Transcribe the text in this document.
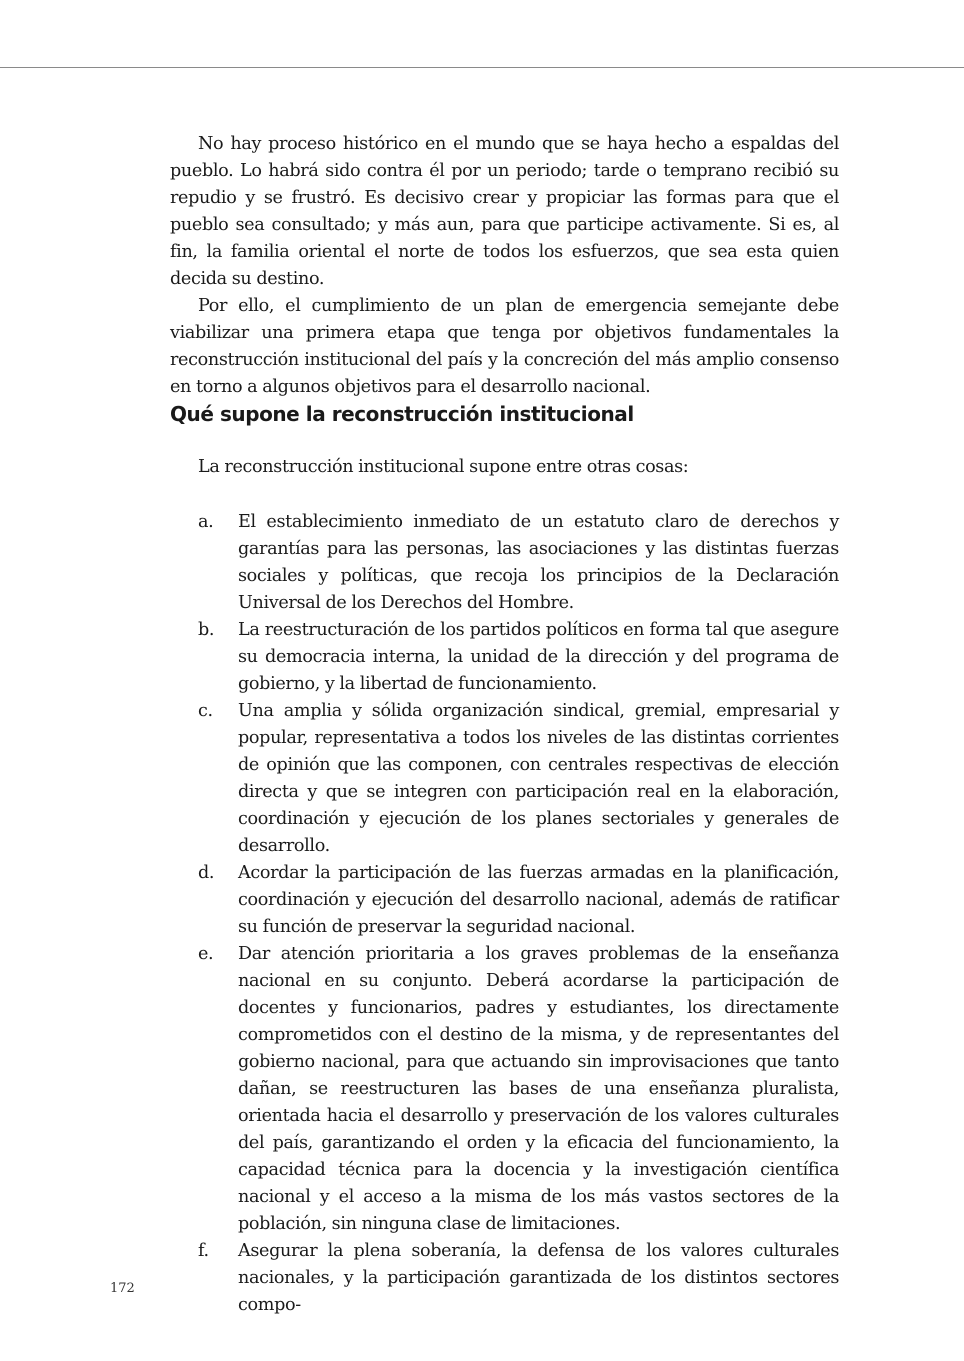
No hay proceso histórico en el mundo que se haya hecho a espaldas del pueblo. Lo habrá sido contra él por un periodo; tarde o temprano recibió su repudio y se frustró. Es decisivo crear y propiciar las formas para que el pueblo sea consultado; y más aun, para que participe activamente. Si es, al fin, la familia oriental el norte de todos los esfuerzos, que sea esta quien decida su destino.

Por ello, el cumplimiento de un plan de emergencia semejante debe viabilizar una primera etapa que tenga por objetivos fundamentales la reconstrucción institucional del país y la concreción del más amplio consenso en torno a algunos objetivos para el desarrollo nacional.

Qué supone la reconstrucción institucional
La reconstrucción institucional supone entre otras cosas:
a.	El establecimiento inmediato de un estatuto claro de derechos y garantías para las personas, las asociaciones y las distintas fuerzas sociales y políticas, que recoja los principios de la Declaración Universal de los Derechos del Hombre.
b.	La reestructuración de los partidos políticos en forma tal que asegure su democracia interna, la unidad de la dirección y del programa de gobierno, y la libertad de funcionamiento.
c.	Una amplia y sólida organización sindical, gremial, empresarial y popular, representativa a todos los niveles de las distintas corrientes de opinión que las componen, con centrales respectivas de elección directa y que se integren con participación real en la elaboración, coordinación y ejecución de los planes sectoriales y generales de desarrollo.
d.	Acordar la participación de las fuerzas armadas en la planificación, coordinación y ejecución del desarrollo nacional, además de ratificar su función de preservar la seguridad nacional.
e.	Dar atención prioritaria a los graves problemas de la enseñanza nacional en su conjunto. Deberá acordarse la participación de docentes y funcionarios, padres y estudiantes, los directamente comprometidos con el destino de la misma, y de representantes del gobierno nacional, para que actuando sin improvisaciones que tanto dañan, se reestructuren las bases de una enseñanza pluralista, orientada hacia el desarrollo y preservación de los valores culturales del país, garantizando el orden y la eficacia del funcionamiento, la capacidad técnica para la docencia y la investigación científica nacional y el acceso a la misma de los más vastos sectores de la población, sin ninguna clase de limitaciones.
f.	Asegurar la plena soberanía, la defensa de los valores culturales nacionales, y la participación garantizada de los distintos sectores compo-
172
